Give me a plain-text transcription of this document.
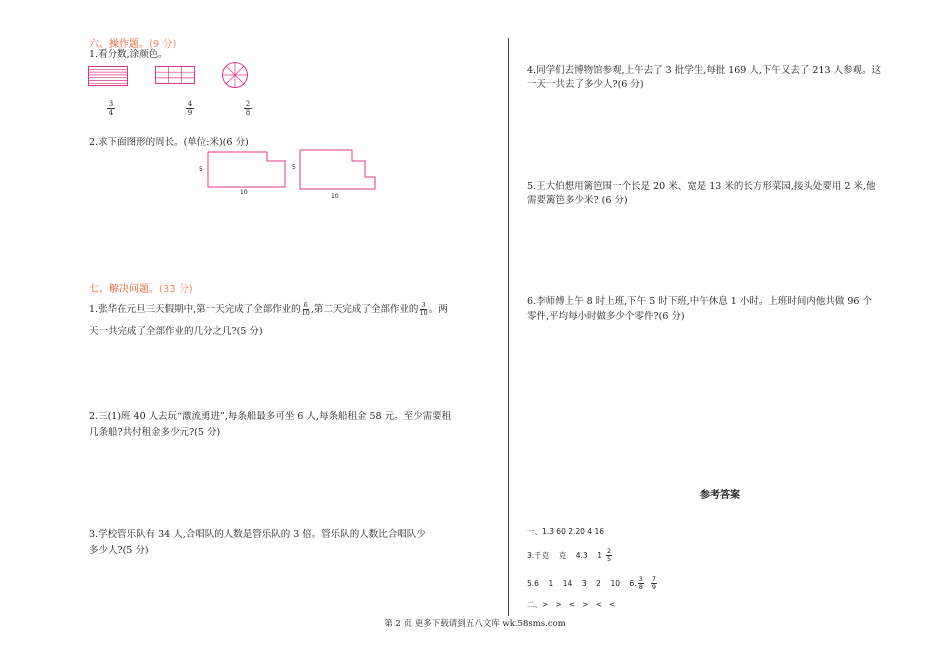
六、操作题。(9 分)
1.看分数,涂颜色。
3
4
4
9
2
8
2.求下面图形的周长。(单位:米)(6 分)
5
10
5
10
七、解决问题。(33 分)
1.张华在元旦三天假期中,第一天完成了全部作业的 $\frac{6}{10}$ ,第二天完成了全部作业的 $\frac{3}{10}$ 。两
天一共完成了全部作业的几分之几?(5 分)
2.三(1)班 40 人去玩“激流勇进”,每条船最多可坐 6 人,每条船租金 58 元。至少需要租
几条船?共付租金多少元?(5 分)
3.学校管乐队有 34 人,合唱队的人数是管乐队的 3 倍。管乐队的人数比合唱队少
多少人?(5 分)
4.同学们去博物馆参观,上午去了 3 批学生,每批 169 人,下午又去了 213 人参观。这
一天一共去了多少人?(6 分)
5.王大伯想用篱笆围一个长是 20 米、宽是 13 米的长方形菜园,接头处要用 2 米,他
需要篱笆多少米? (6 分)
6.李师傅上午 8 时上班,下午 5 时下班,中午休息 1 小时。上班时间内他共做 96 个
零件,平均每小时做多少个零件?(6 分)
参考答案
一、1.3 60 2.20 4 16
3.千克    克    4.3    $1 \frac{2}{5}$
5.6    1    14    3    2    10    6. $\frac{3}{8} \frac{7}{9}$
二、>   >   <   >   <   <
第 2 页 更多下载请到五八文库 wk.58sms.com
